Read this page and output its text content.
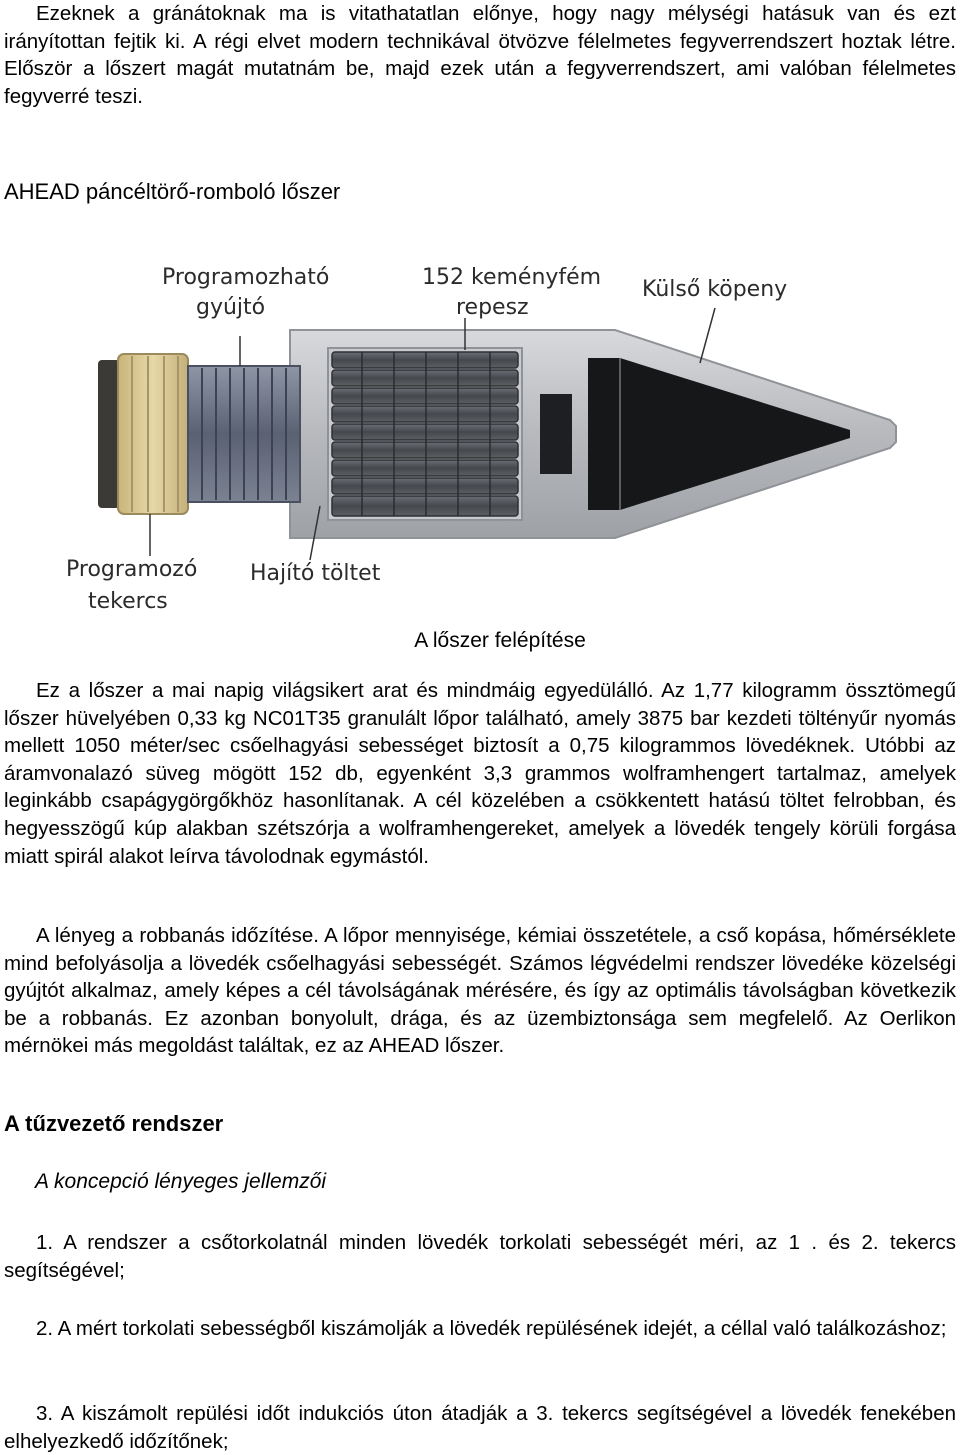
Ezeknek a gránátoknak ma is vitathatatlan előnye, hogy nagy mélységi hatásuk van és ezt irányítottan fejtik ki. A régi elvet modern technikával ötvözve félelmetes fegyverrendszert hoztak létre. Először a lőszert magát mutatnám be, majd ezek után a fegyverrendszert, ami valóban félelmetes fegyverré teszi.
AHEAD páncéltörő-romboló lőszer
Programozható
gyújtó
152 keményfém
repesz
Külső köpeny
Programozó
tekercs
Hajító töltet
A lőszer felépítése
Ez a lőszer a mai napig világsikert arat és mindmáig egyedülálló. Az 1,77 kilogramm össztömegű lőszer hüvelyében 0,33 kg NC01T35 granulált lőpor található, amely 3875 bar kezdeti töltényűr nyomás mellett 1050 méter/sec csőelhagyási sebességet biztosít a 0,75 kilogrammos lövedéknek. Utóbbi az áramvonalazó süveg mögött 152 db, egyenként 3,3 grammos wolframhengert tartalmaz, amelyek leginkább csapágygörgőkhöz hasonlítanak. A cél közelében a csökkentett hatású töltet felrobban, és hegyesszögű kúp alakban szétszórja a wolframhengereket, amelyek a lövedék tengely körüli forgása miatt spirál alakot leírva távolodnak egymástól.
A lényeg a robbanás időzítése. A lőpor mennyisége, kémiai összetétele, a cső kopása, hőmérséklete mind befolyásolja a lövedék csőelhagyási sebességét. Számos légvédelmi rendszer lövedéke közelségi gyújtót alkalmaz, amely képes a cél távolságának mérésére, és így az optimális távolságban következik be a robbanás. Ez azonban bonyolult, drága, és az üzembiztonsága sem megfelelő. Az Oerlikon mérnökei más megoldást találtak, ez az AHEAD lőszer.
A tűzvezető rendszer
A koncepció lényeges jellemzői
1. A rendszer a csőtorkolatnál minden lövedék torkolati sebességét méri, az 1 . és 2. tekercs segítségével;
2. A mért torkolati sebességből kiszámolják a lövedék repülésének idejét, a céllal való találkozáshoz;
3. A kiszámolt repülési időt indukciós úton átadják a 3. tekercs segítségével a lövedék fenekében elhelyezkedő időzítőnek;
